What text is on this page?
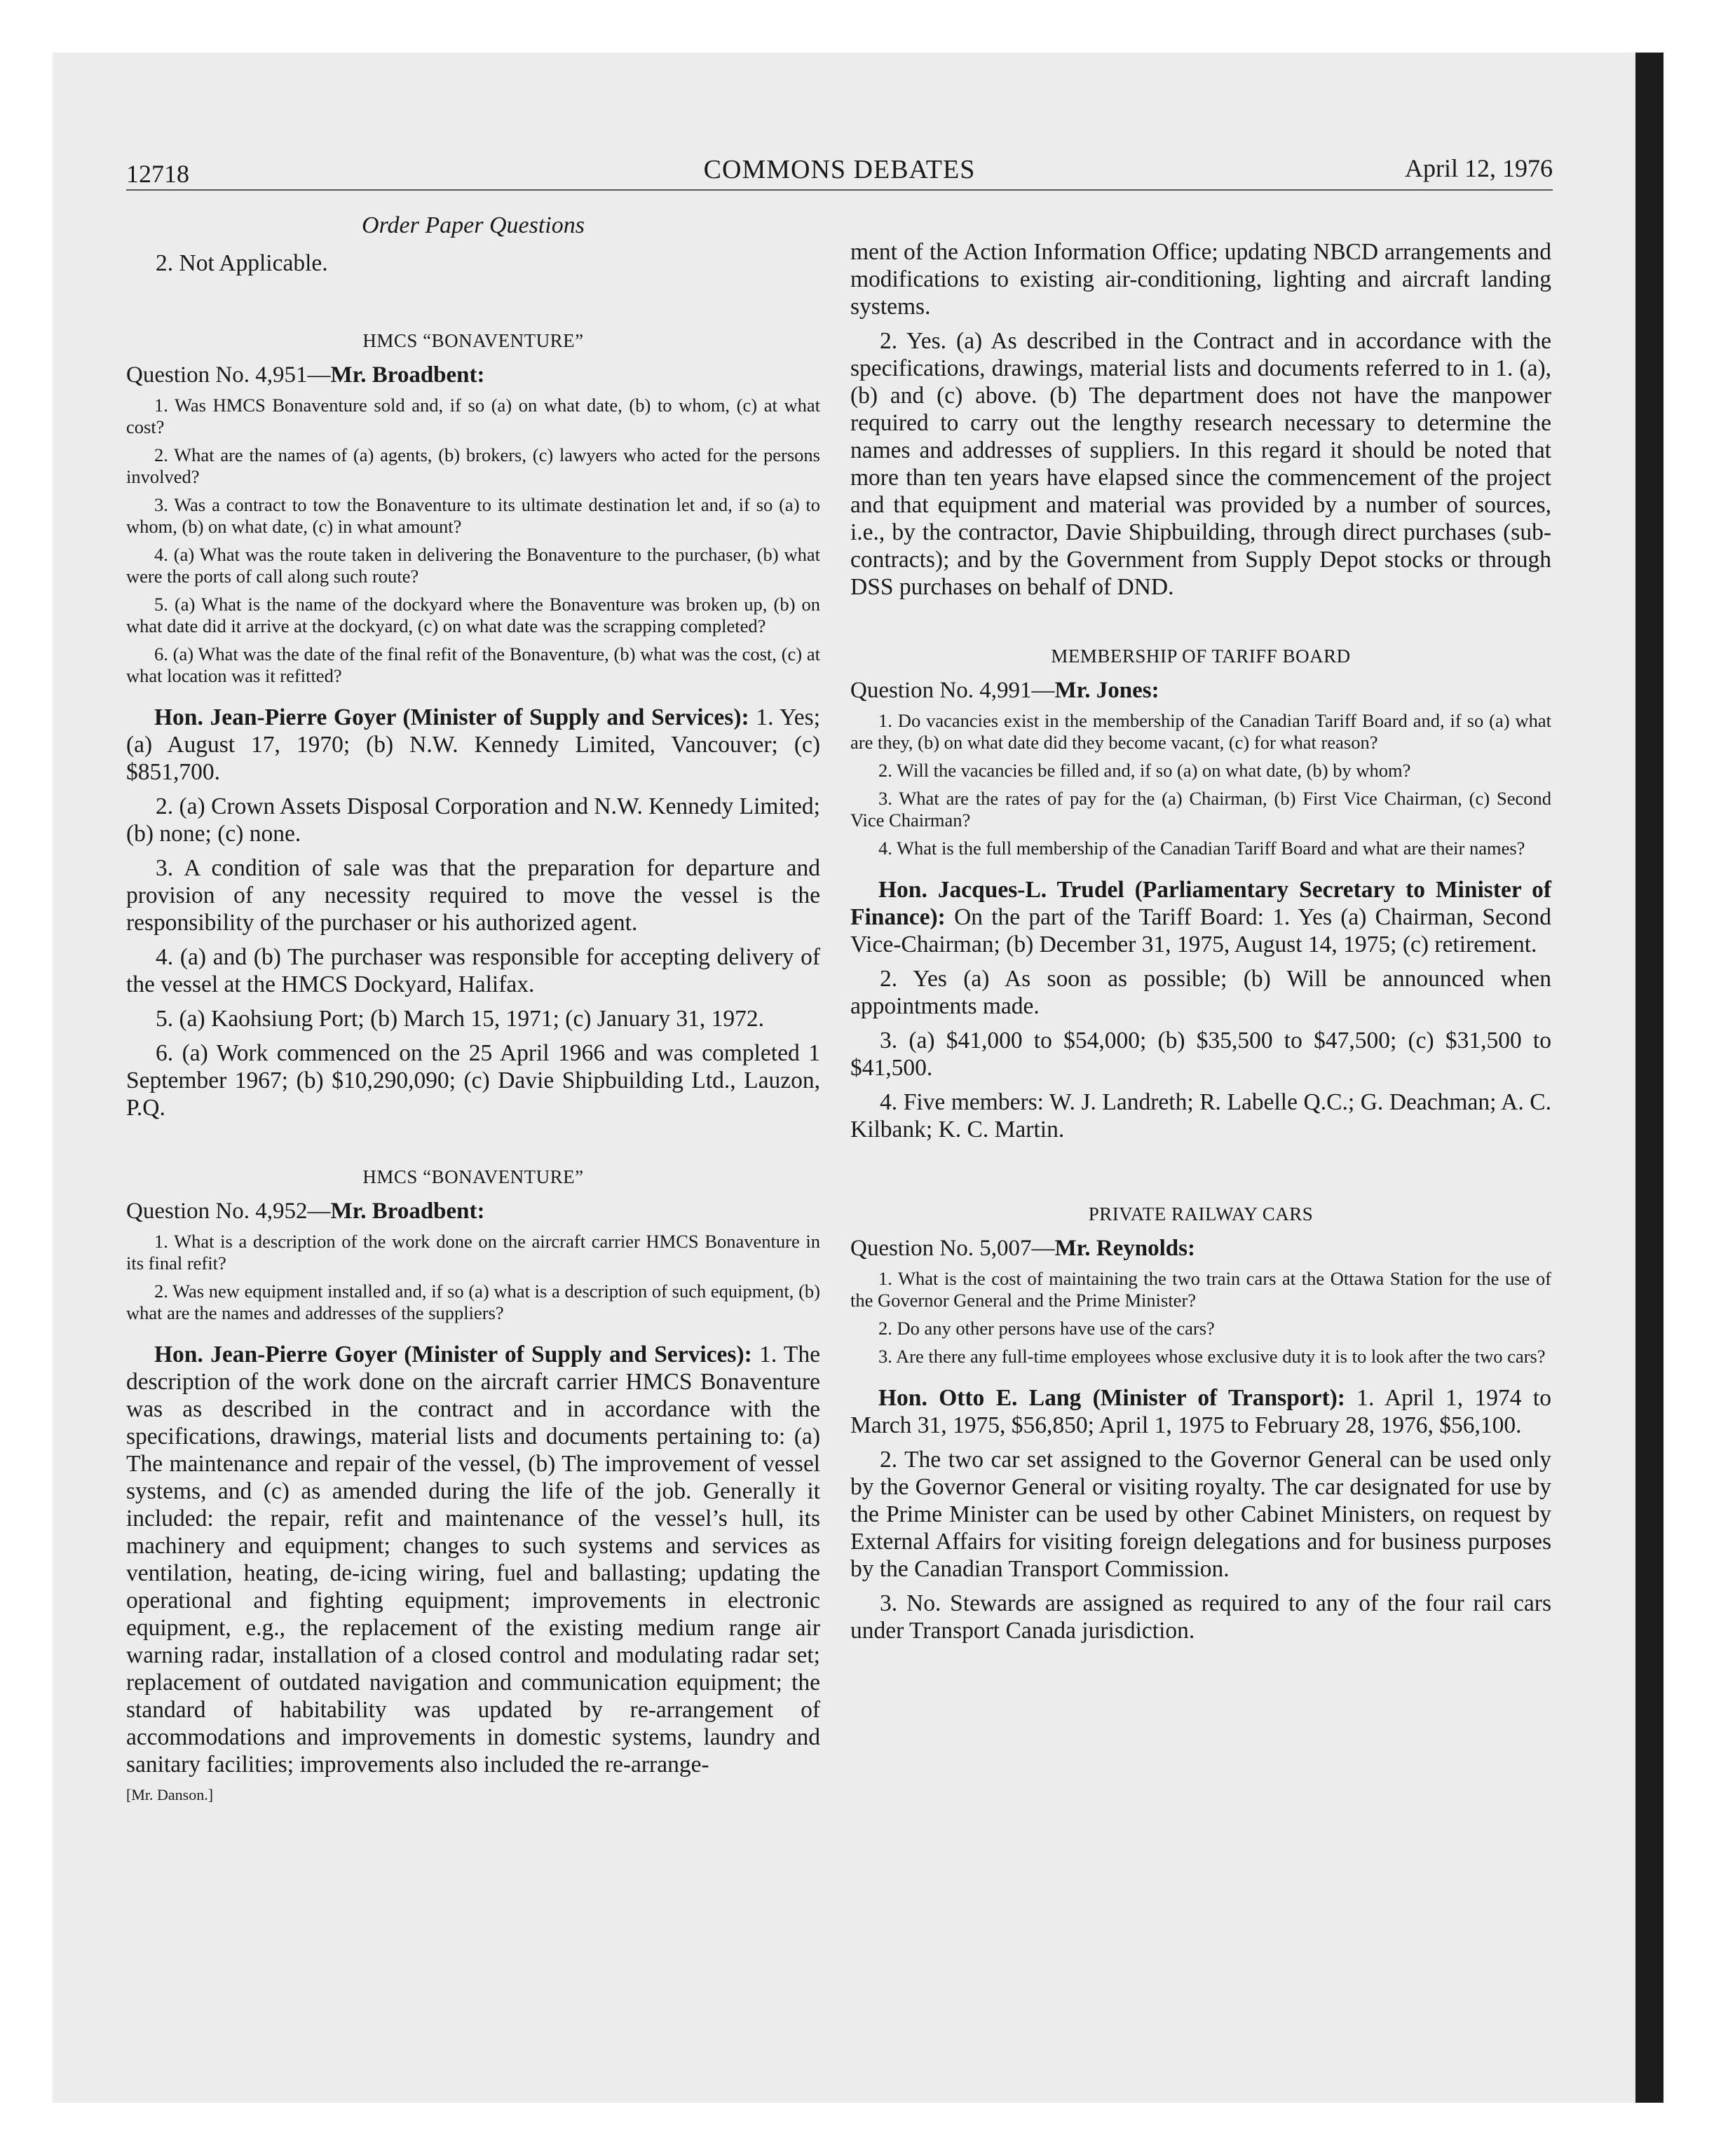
12718	COMMONS DEBATES	April 12, 1976

Order Paper Questions

2. Not Applicable.

HMCS “BONAVENTURE”

Question No. 4,951—Mr. Broadbent:

1. Was HMCS Bonaventure sold and, if so (a) on what date, (b) to whom, (c) at what cost?

2. What are the names of (a) agents, (b) brokers, (c) lawyers who acted for the persons involved?

3. Was a contract to tow the Bonaventure to its ultimate destination let and, if so (a) to whom, (b) on what date, (c) in what amount?

4. (a) What was the route taken in delivering the Bonaventure to the purchaser, (b) what were the ports of call along such route?

5. (a) What is the name of the dockyard where the Bonaventure was broken up, (b) on what date did it arrive at the dockyard, (c) on what date was the scrapping completed?

6. (a) What was the date of the final refit of the Bonaventure, (b) what was the cost, (c) at what location was it refitted?

Hon. Jean-Pierre Goyer (Minister of Supply and Services): 1. Yes; (a) August 17, 1970; (b) N.W. Kennedy Limited, Vancouver; (c) $851,700.

2. (a) Crown Assets Disposal Corporation and N.W. Kennedy Limited; (b) none; (c) none.

3. A condition of sale was that the preparation for departure and provision of any necessity required to move the vessel is the responsibility of the purchaser or his authorized agent.

4. (a) and (b) The purchaser was responsible for accepting delivery of the vessel at the HMCS Dockyard, Halifax.

5. (a) Kaohsiung Port; (b) March 15, 1971; (c) January 31, 1972.

6. (a) Work commenced on the 25 April 1966 and was completed 1 September 1967; (b) $10,290,090; (c) Davie Shipbuilding Ltd., Lauzon, P.Q.

HMCS “BONAVENTURE”

Question No. 4,952—Mr. Broadbent:

1. What is a description of the work done on the aircraft carrier HMCS Bonaventure in its final refit?

2. Was new equipment installed and, if so (a) what is a description of such equipment, (b) what are the names and addresses of the suppliers?

Hon. Jean-Pierre Goyer (Minister of Supply and Services): 1. The description of the work done on the aircraft carrier HMCS Bonaventure was as described in the contract and in accordance with the specifications, drawings, material lists and documents pertaining to: (a) The maintenance and repair of the vessel, (b) The improvement of vessel systems, and (c) as amended during the life of the job. Generally it included: the repair, refit and maintenance of the vessel’s hull, its machinery and equipment; changes to such systems and services as ventilation, heating, de-icing wiring, fuel and ballasting; updating the operational and fighting equipment; improvements in electronic equipment, e.g., the replacement of the existing medium range air warning radar, installation of a closed control and modulating radar set; replacement of outdated navigation and communication equipment; the standard of habitability was updated by re-arrangement of accommodations and improvements in domestic systems, laundry and sanitary facilities; improvements also included the re-arrange-

[Mr. Danson.]

ment of the Action Information Office; updating NBCD arrangements and modifications to existing air-conditioning, lighting and aircraft landing systems.

2. Yes. (a) As described in the Contract and in accordance with the specifications, drawings, material lists and documents referred to in 1. (a), (b) and (c) above. (b) The department does not have the manpower required to carry out the lengthy research necessary to determine the names and addresses of suppliers. In this regard it should be noted that more than ten years have elapsed since the commencement of the project and that equipment and material was provided by a number of sources, i.e., by the contractor, Davie Shipbuilding, through direct purchases (sub-contracts); and by the Government from Supply Depot stocks or through DSS purchases on behalf of DND.

MEMBERSHIP OF TARIFF BOARD

Question No. 4,991—Mr. Jones:

1. Do vacancies exist in the membership of the Canadian Tariff Board and, if so (a) what are they, (b) on what date did they become vacant, (c) for what reason?

2. Will the vacancies be filled and, if so (a) on what date, (b) by whom?

3. What are the rates of pay for the (a) Chairman, (b) First Vice Chairman, (c) Second Vice Chairman?

4. What is the full membership of the Canadian Tariff Board and what are their names?

Hon. Jacques-L. Trudel (Parliamentary Secretary to Minister of Finance): On the part of the Tariff Board: 1. Yes (a) Chairman, Second Vice-Chairman; (b) December 31, 1975, August 14, 1975; (c) retirement.

2. Yes (a) As soon as possible; (b) Will be announced when appointments made.

3. (a) $41,000 to $54,000; (b) $35,500 to $47,500; (c) $31,500 to $41,500.

4. Five members: W. J. Landreth; R. Labelle Q.C.; G. Deachman; A. C. Kilbank; K. C. Martin.

PRIVATE RAILWAY CARS

Question No. 5,007—Mr. Reynolds:

1. What is the cost of maintaining the two train cars at the Ottawa Station for the use of the Governor General and the Prime Minister?

2. Do any other persons have use of the cars?

3. Are there any full-time employees whose exclusive duty it is to look after the two cars?

Hon. Otto E. Lang (Minister of Transport): 1. April 1, 1974 to March 31, 1975, $56,850; April 1, 1975 to February 28, 1976, $56,100.

2. The two car set assigned to the Governor General can be used only by the Governor General or visiting royalty. The car designated for use by the Prime Minister can be used by other Cabinet Ministers, on request by External Affairs for visiting foreign delegations and for business purposes by the Canadian Transport Commission.

3. No. Stewards are assigned as required to any of the four rail cars under Transport Canada jurisdiction.
